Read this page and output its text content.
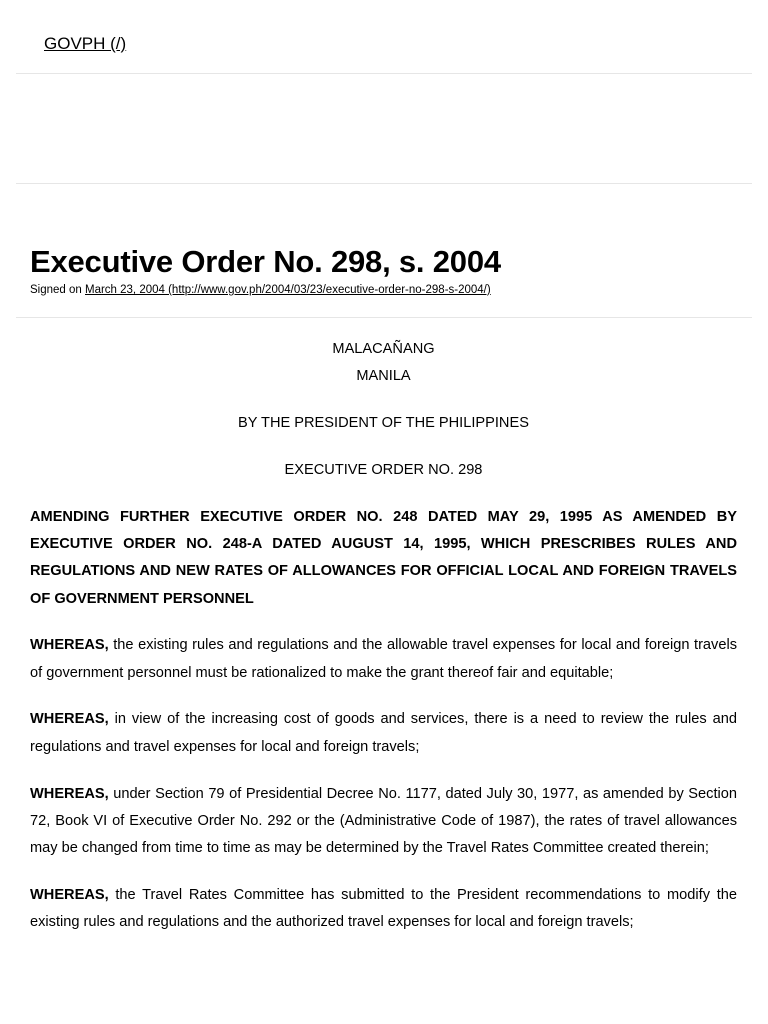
GOVPH (/)
Executive Order No. 298, s. 2004
Signed on March 23, 2004 (http://www.gov.ph/2004/03/23/executive-order-no-298-s-2004/)

MALACAÑANG

MANILA

BY THE PRESIDENT OF THE PHILIPPINES

EXECUTIVE ORDER NO. 298

AMENDING FURTHER EXECUTIVE ORDER NO. 248 DATED MAY 29, 1995 AS AMENDED BY EXECUTIVE ORDER NO. 248-A DATED AUGUST 14, 1995, WHICH PRESCRIBES RULES AND REGULATIONS AND NEW RATES OF ALLOWANCES FOR OFFICIAL LOCAL AND FOREIGN TRAVELS OF GOVERNMENT PERSONNEL

WHEREAS, the existing rules and regulations and the allowable travel expenses for local and foreign travels of government personnel must be rationalized to make the grant thereof fair and equitable;

WHEREAS, in view of the increasing cost of goods and services, there is a need to review the rules and regulations and travel expenses for local and foreign travels;

WHEREAS, under Section 79 of Presidential Decree No. 1177, dated July 30, 1977, as amended by Section 72, Book VI of Executive Order No. 292 or the (Administrative Code of 1987), the rates of travel allowances may be changed from time to time as may be determined by the Travel Rates Committee created therein;

WHEREAS, the Travel Rates Committee has submitted to the President recommendations to modify the existing rules and regulations and the authorized travel expenses for local and foreign travels;
